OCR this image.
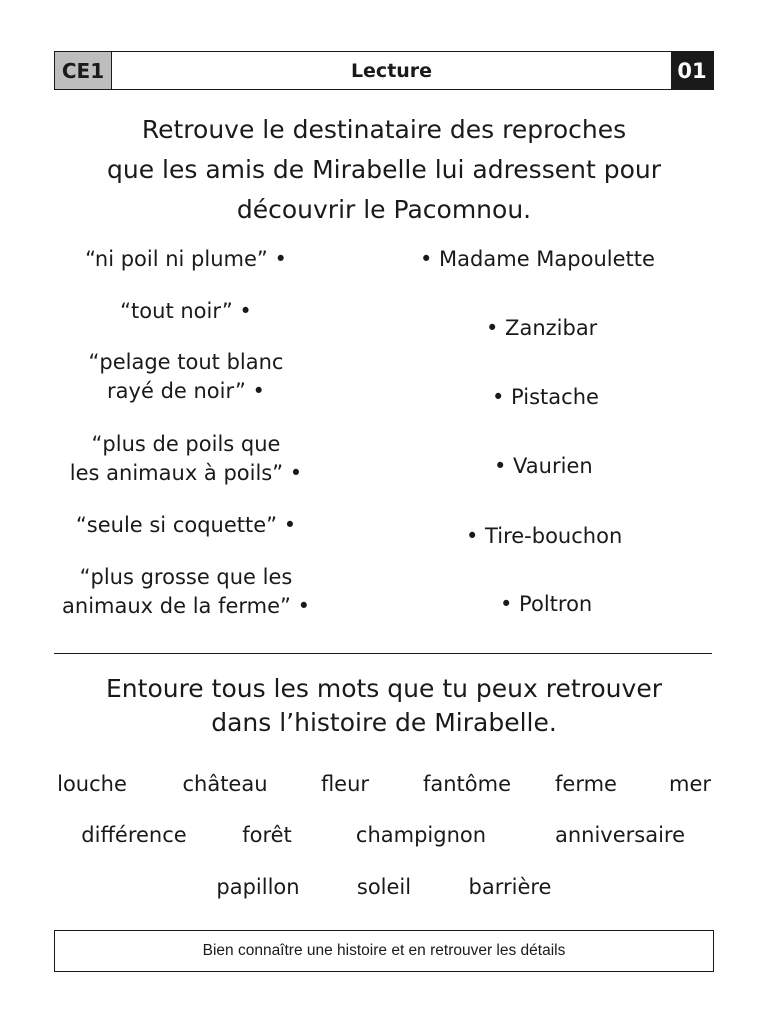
CE1	Lecture	01
Retrouve le destinataire des reproches
que les amis de Mirabelle lui adressent pour
découvrir le Pacomnou.
“ni poil ni plume” •
“tout noir” •
“pelage tout blanc
rayé de noir” •
“plus de poils que
les animaux à poils” •
“seule si coquette” •
“plus grosse que les
animaux de la ferme” •
• Madame Mapoulette
• Zanzibar
• Pistache
• Vaurien
• Tire-bouchon
• Poltron
Entoure tous les mots que tu peux retrouver
dans l’histoire de Mirabelle.
louche	château	fleur	fantôme ferme mer
différence	forêt	champignon	anniversaire
papillon	soleil	barrière
Bien connaître une histoire et en retrouver les détails
